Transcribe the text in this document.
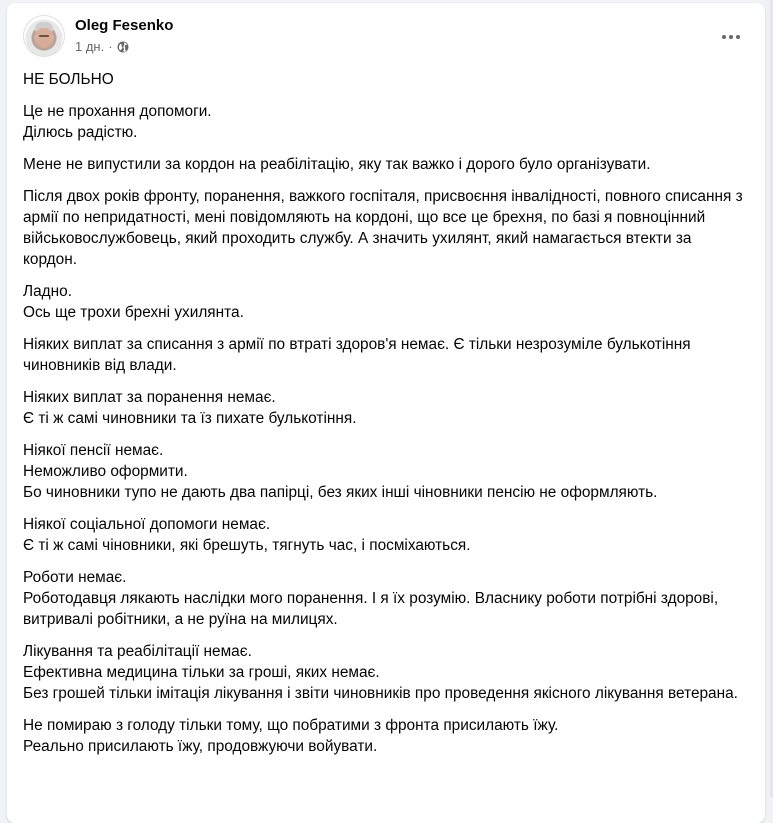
Oleg Fesenko
1 дн. ·
НЕ БОЛЬНО
Це не прохання допомоги.
Ділюсь радістю.
Мене не випустили за кордон на реабілітацію, яку так важко і дорого було організувати.
Після двох років фронту, поранення, важкого госпіталя, присвоєння інвалідності, повного списання з армії по непридатності, мені повідомляють на кордоні, що все це брехня, по базі я повноцінний військовослужбовець, який проходить службу. А значить ухилянт, який намагається втекти за кордон.
Ладно.
Ось ще трохи брехні ухилянта.
Ніяких виплат за списання з армії по втраті здоров'я немає. Є тільки незрозуміле булькотіння чиновників від влади.
Ніяких виплат за поранення немає.
Є ті ж самі чиновники та їз пихате булькотіння.
Ніякої пенсії немає.
Неможливо оформити.
Бо чиновники тупо не дають два папірці, без яких інші чіновники пенсію не оформляють.
Ніякої соціальної допомоги немає.
Є ті ж самі чіновники, які брешуть, тягнуть час, і посміхаються.
Роботи немає.
Роботодавця лякають наслідки мого поранення. І я їх розумію. Власнику роботи потрібні здорові, витривалі робітники, а не руїна на милицях.
Лікування та реабілітації немає.
Ефективна медицина тільки за гроші, яких немає.
Без грошей тільки імітація лікування і звіти чиновників про проведення якісного лікування ветерана.
Не помираю з голоду тільки тому, що побратими з фронта присилають їжу.
Реально присилають їжу, продовжуючи войувати.
